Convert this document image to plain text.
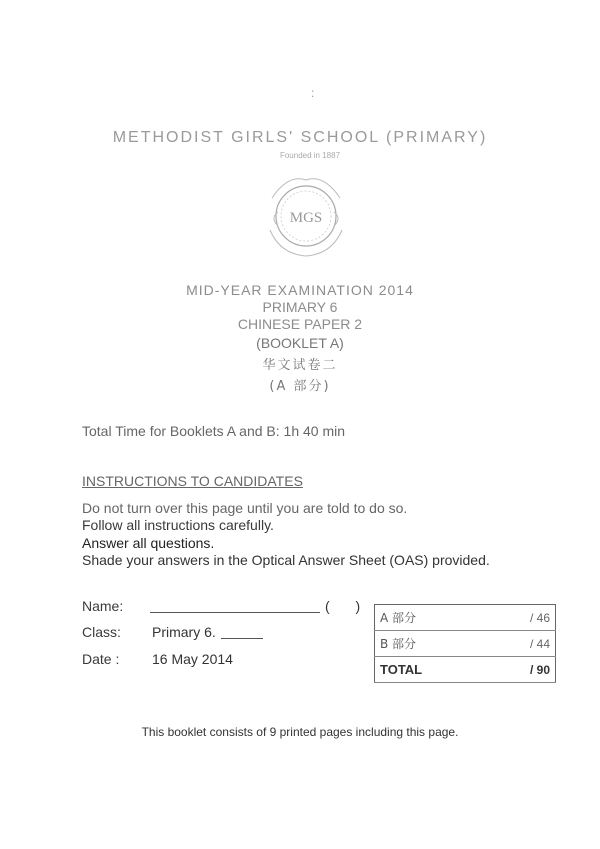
:
METHODIST GIRLS' SCHOOL (PRIMARY)
Founded in 1887
MGS
MID-YEAR EXAMINATION 2014
PRIMARY 6
CHINESE PAPER 2
(BOOKLET A)
华文试卷二
(A 部分)
Total Time for Booklets A and B: 1h 40 min
INSTRUCTIONS TO CANDIDATES
Do not turn over this page until you are told to do so.
Follow all instructions carefully.
Answer all questions.
Shade your answers in the Optical Answer Sheet (OAS) provided.
Name:	( )
Class: Primary 6.
Date : 16 May 2014
A 部分	/ 46
B 部分	/ 44
TOTAL	/ 90
This booklet consists of 9 printed pages including this page.
